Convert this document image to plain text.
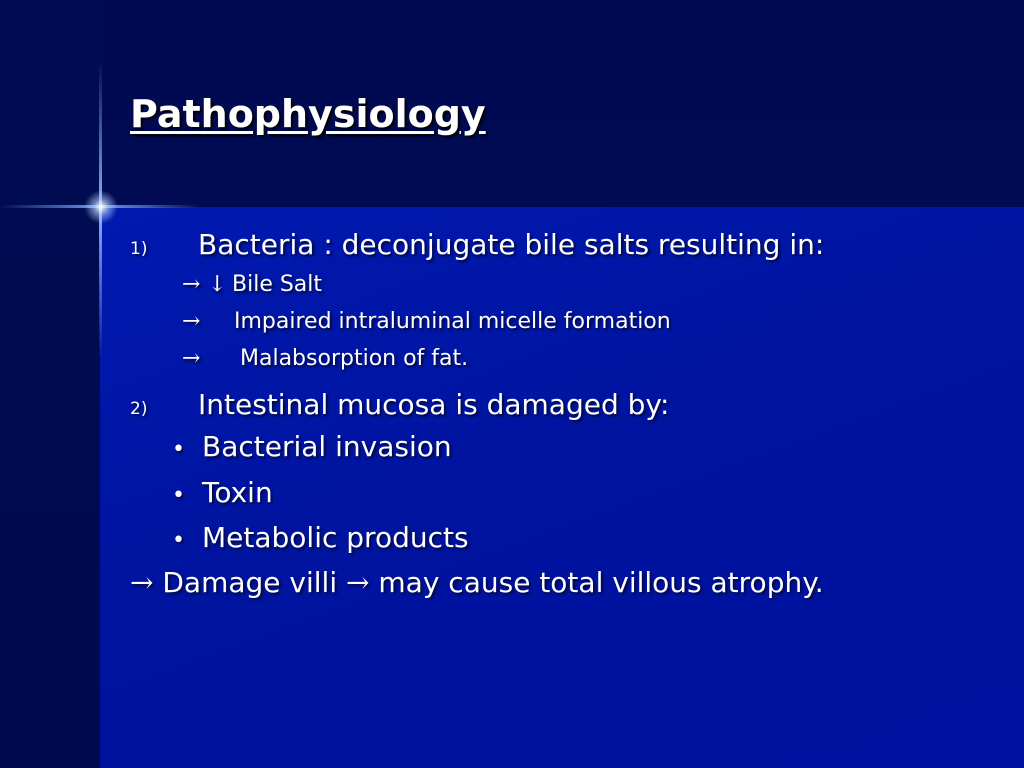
Pathophysiology
1) Bacteria : deconjugate bile salts resulting in:
→ ↓ Bile Salt
→ Impaired intraluminal micelle formation
→ Malabsorption of fat.
2) Intestinal mucosa is damaged by:
• Bacterial invasion
• Toxin
• Metabolic products
→ Damage villi → may cause total villous atrophy.
